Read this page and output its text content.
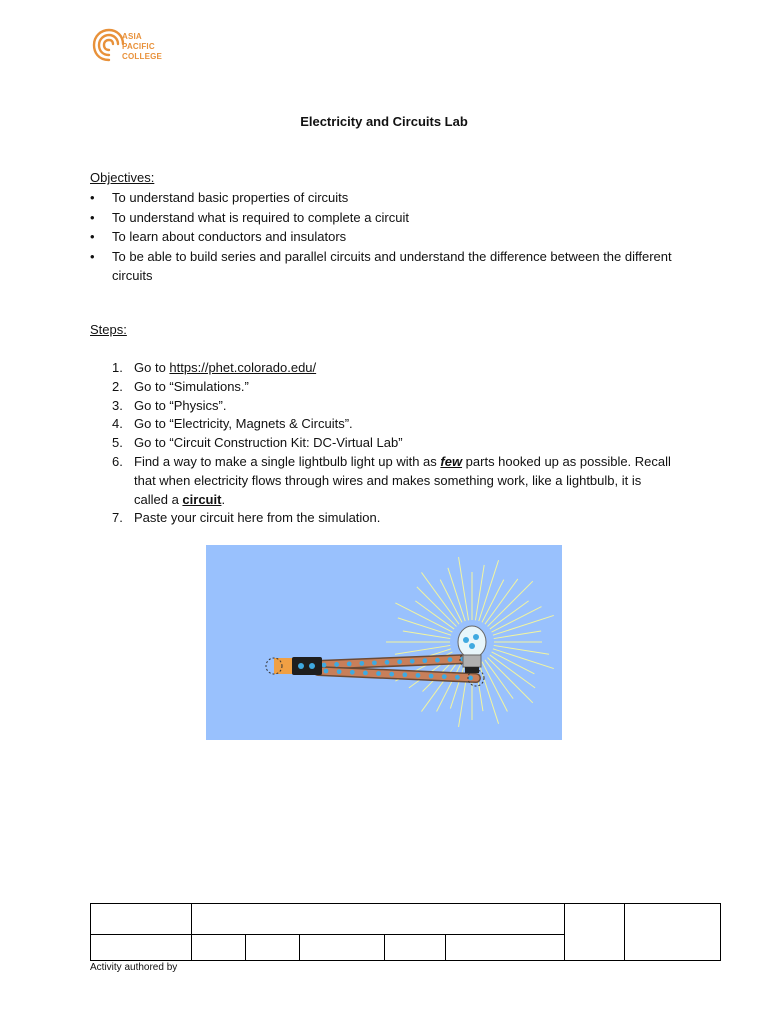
ASIA
PACIFIC
COLLEGE
Electricity and Circuits Lab
Objectives:
• To understand basic properties of circuits
• To understand what is required to complete a circuit
• To learn about conductors and insulators
• To be able to build series and parallel circuits and understand the difference between the different circuits
Steps:
1. Go to https://phet.colorado.edu/
2. Go to “Simulations.”
3. Go to “Physics”.
4. Go to “Electricity, Magnets & Circuits”.
5. Go to “Circuit Construction Kit: DC-Virtual Lab”
6. Find a way to make a single lightbulb light up with as few parts hooked up as possible. Recall that when electricity flows through wires and makes something work, like a lightbulb, it is called a circuit.
7. Paste your circuit here from the simulation.

Activity authored by
